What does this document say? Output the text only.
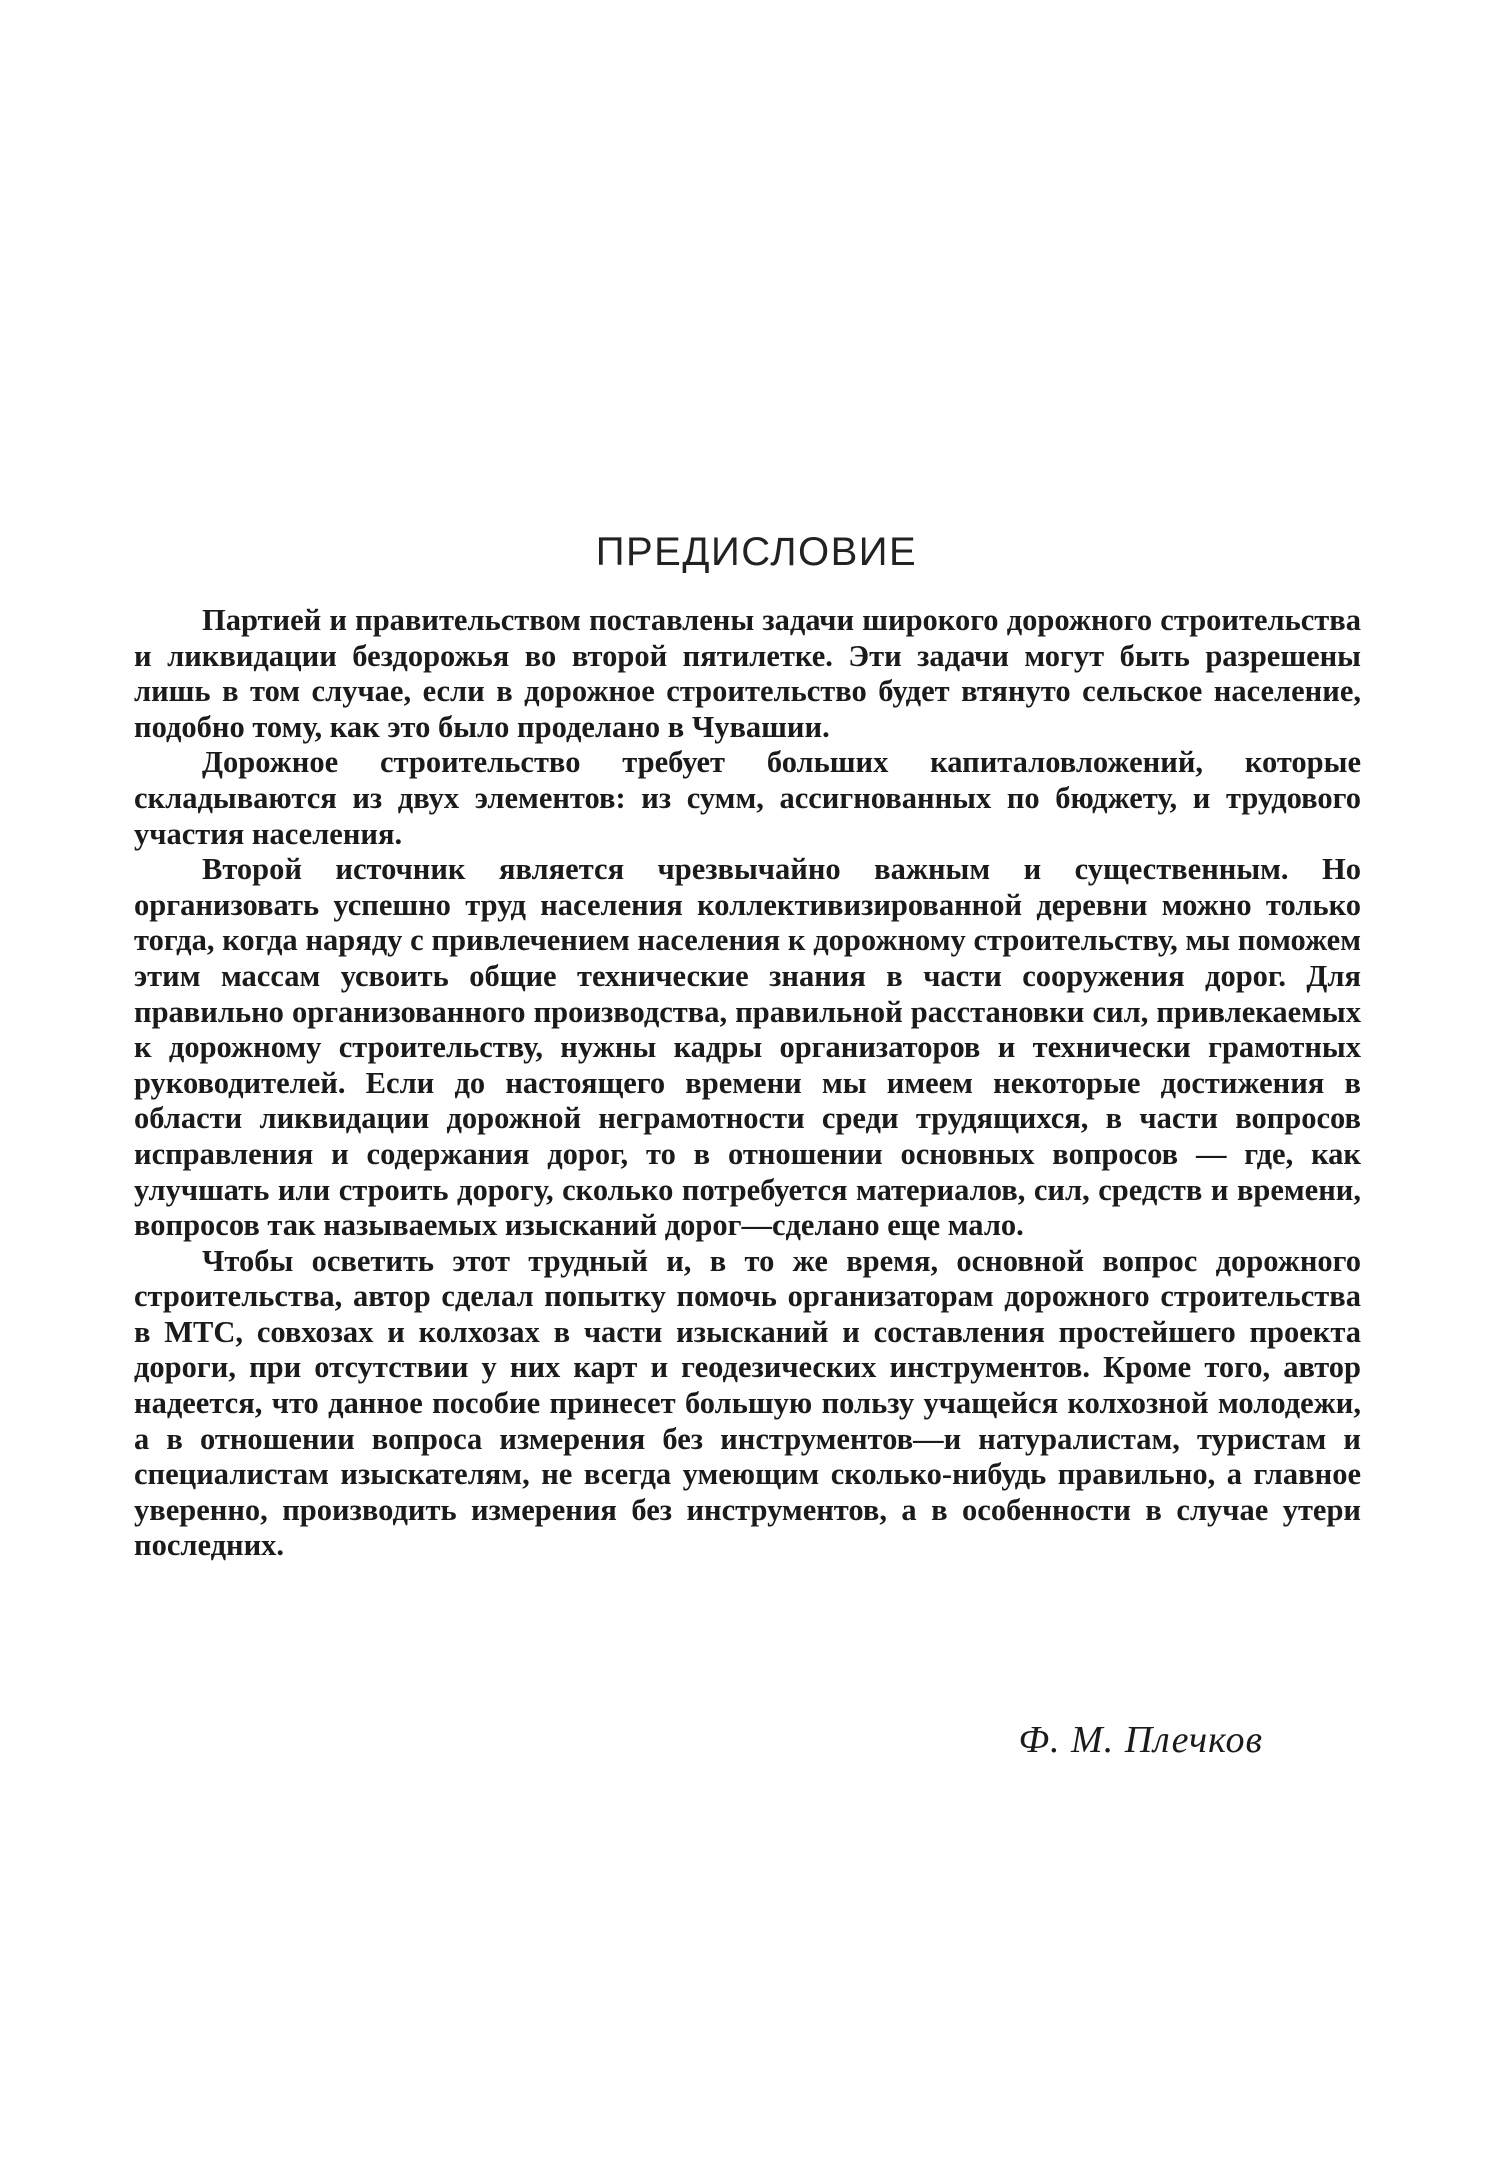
ПРЕДИСЛОВИЕ

Партией и правительством поставлены задачи широкого дорожного строительства и ликвидации бездорожья во второй пятилетке. Эти задачи могут быть разрешены лишь в том случае, если в дорожное строительство будет втянуто сельское население, подобно тому, как это было проделано в Чувашии.

Дорожное строительство требует больших капиталовложений, которые складываются из двух элементов: из сумм, ассигнованных по бюджету, и трудового участия населения.

Второй источник является чрезвычайно важным и существенным. Но организовать успешно труд населения коллективизированной деревни можно только тогда, когда наряду с привлечением населения к дорожному строительству, мы поможем этим массам усвоить общие технические знания в части сооружения дорог. Для правильно организованного производства, правильной расстановки сил, привлекаемых к дорожному строительству, нужны кадры организаторов и технически грамотных руководителей. Если до настоящего времени мы имеем некоторые достижения в области ликвидации дорожной неграмотности среди трудящихся, в части вопросов исправления и содержания дорог, то в отношении основных вопросов — где, как улучшать или строить дорогу, сколько потребуется материалов, сил, средств и времени, вопросов так называемых изысканий дорог—сделано еще мало.

Чтобы осветить этот трудный и, в то же время, основной вопрос дорожного строительства, автор сделал попытку помочь организаторам дорожного строительства в МТС, совхозах и колхозах в части изысканий и составления простейшего проекта дороги, при отсутствии у них карт и геодезических инструментов. Кроме того, автор надеется, что данное пособие принесет большую пользу учащейся колхозной молодежи, а в отношении вопроса измерения без инструментов—и натуралистам, туристам и специалистам изыскателям, не всегда умеющим сколько-нибудь правильно, а главное уверенно, производить измерения без инструментов, а в особенности в случае утери последних.

Ф. М. Плечков
